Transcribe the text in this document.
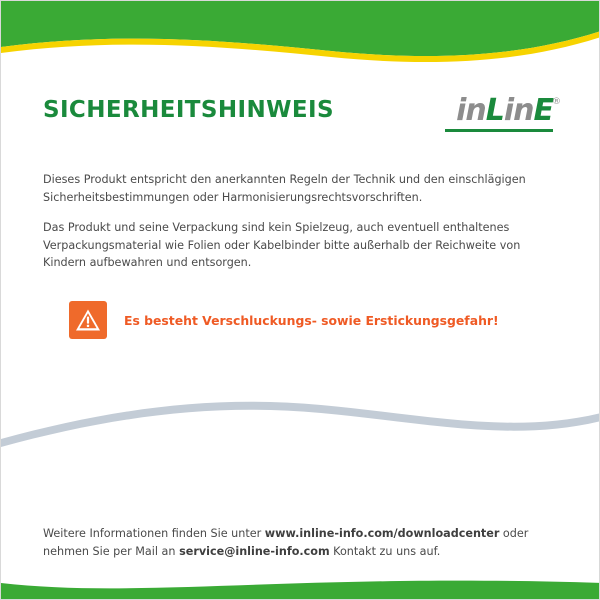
SICHERHEITSHINWEIS	inLinE ®
Dieses Produkt entspricht den anerkannten Regeln der Technik und den einschlägigen Sicherheitsbestimmungen oder Harmonisierungsrechtsvorschriften.
Das Produkt und seine Verpackung sind kein Spielzeug, auch eventuell enthaltenes Verpackungsmaterial wie Folien oder Kabelbinder bitte außerhalb der Reichweite von Kindern aufbewahren und entsorgen.
Es besteht Verschluckungs- sowie Erstickungsgefahr!
Weitere Informationen finden Sie unter www.inline-info.com/downloadcenter oder
nehmen Sie per Mail an service@inline-info.com Kontakt zu uns auf.
